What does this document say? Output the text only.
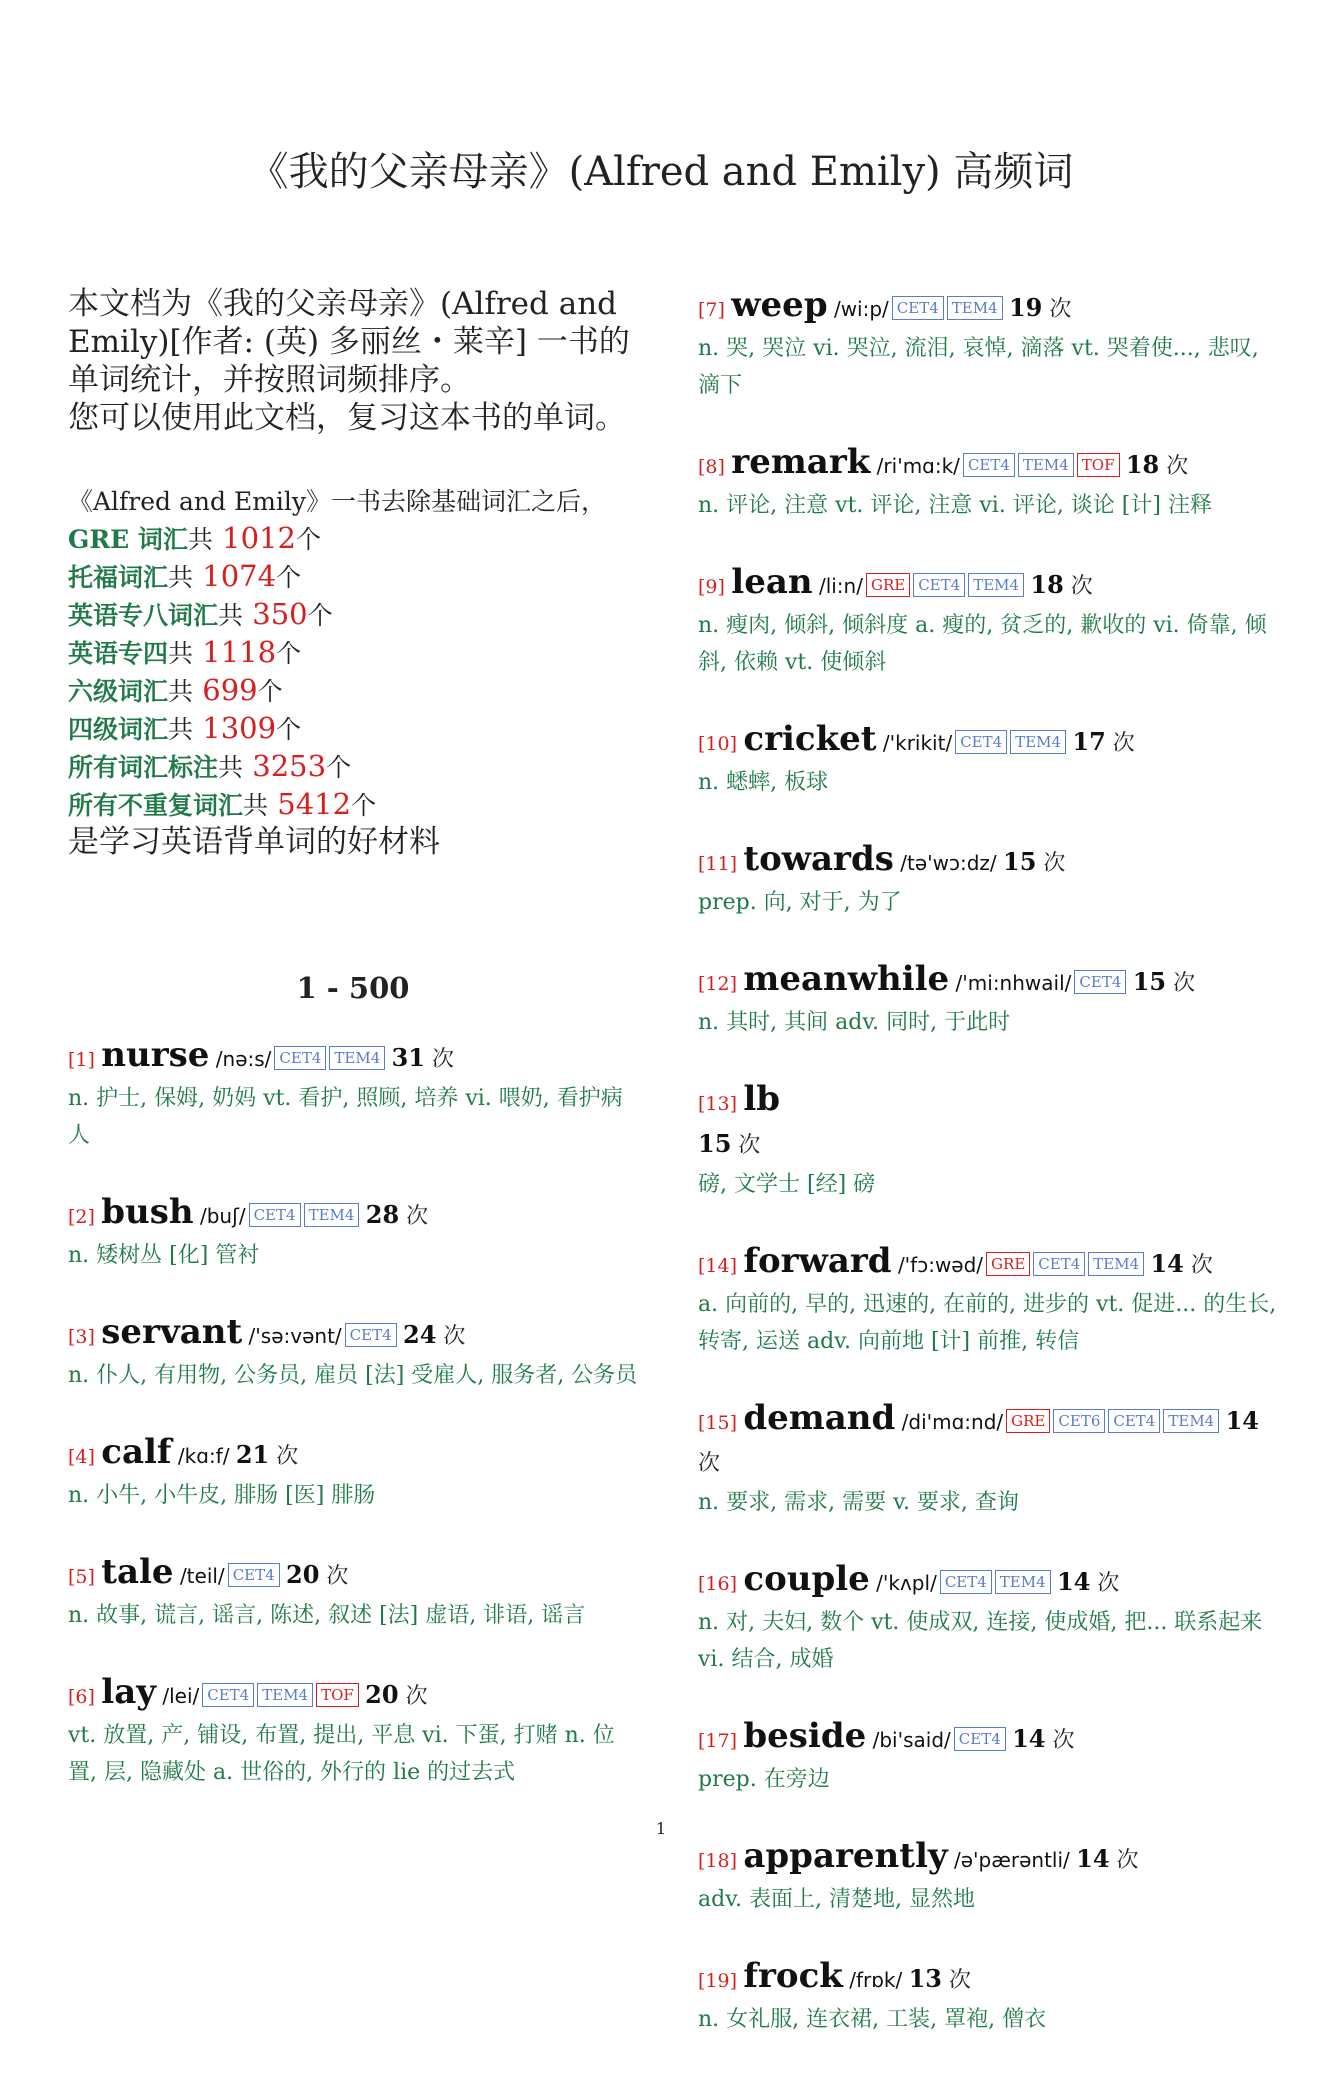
《我的父亲母亲》(Alfred and Emily) 高频词
本文档为《我的父亲母亲》(Alfred and Emily)[作者: (英) 多丽丝・莱辛] 一书的单词统计，并按照词频排序。
您可以使用此文档，复习这本书的单词。
《Alfred and Emily》一书去除基础词汇之后，
GRE 词汇共 1012个
托福词汇共 1074个
英语专八词汇共 350个
英语专四共 1118个
六级词汇共 699个
四级词汇共 1309个
所有词汇标注共 3253个
所有不重复词汇共 5412个
是学习英语背单词的好材料
1 - 500
[1] nurse /nə:s/ CET4 TEM4 31 次
n. 护士, 保姆, 奶妈 vt. 看护, 照顾, 培养 vi. 喂奶, 看护病人
[2] bush /buʃ/ CET4 TEM4 28 次
n. 矮树丛 [化] 管衬
[3] servant /'sə:vənt/ CET4 24 次
n. 仆人, 有用物, 公务员, 雇员 [法] 受雇人, 服务者, 公务员
[4] calf /kɑ:f/ 21 次
n. 小牛, 小牛皮, 腓肠 [医] 腓肠
[5] tale /teil/ CET4 20 次
n. 故事, 谎言, 谣言, 陈述, 叙述 [法] 虚语, 诽语, 谣言
[6] lay /lei/ CET4 TEM4 TOF 20 次
vt. 放置, 产, 铺设, 布置, 提出, 平息 vi. 下蛋, 打赌 n. 位置, 层, 隐藏处 a. 世俗的, 外行的 lie 的过去式
[7] weep /wi:p/ CET4 TEM4 19 次
n. 哭, 哭泣 vi. 哭泣, 流泪, 哀悼, 滴落 vt. 哭着使..., 悲叹, 滴下
[8] remark /ri'mɑ:k/ CET4 TEM4 TOF 18 次
n. 评论, 注意 vt. 评论, 注意 vi. 评论, 谈论 [计] 注释
[9] lean /li:n/ GRE CET4 TEM4 18 次
n. 瘦肉, 倾斜, 倾斜度 a. 瘦的, 贫乏的, 歉收的 vi. 倚靠, 倾斜, 依赖 vt. 使倾斜
[10] cricket /'krikit/ CET4 TEM4 17 次
n. 蟋蟀, 板球
[11] towards /tə'wɔ:dz/ 15 次
prep. 向, 对于, 为了
[12] meanwhile /'mi:nhwail/ CET4 15 次
n. 其时, 其间 adv. 同时, 于此时
[13] lb
15 次
磅, 文学士 [经] 磅
[14] forward /'fɔ:wəd/ GRE CET4 TEM4 14 次
a. 向前的, 早的, 迅速的, 在前的, 进步的 vt. 促进... 的生长, 转寄, 运送 adv. 向前地 [计] 前推, 转信
[15] demand /di'mɑ:nd/ GRE CET6 CET4 TEM4 14 次
n. 要求, 需求, 需要 v. 要求, 查询
[16] couple /'kʌpl/ CET4 TEM4 14 次
n. 对, 夫妇, 数个 vt. 使成双, 连接, 使成婚, 把... 联系起来 vi. 结合, 成婚
[17] beside /bi'said/ CET4 14 次
prep. 在旁边
[18] apparently /ə'pærəntli/ 14 次
adv. 表面上, 清楚地, 显然地
[19] frock /frɒk/ 13 次
n. 女礼服, 连衣裙, 工装, 罩袍, 僧衣
1
